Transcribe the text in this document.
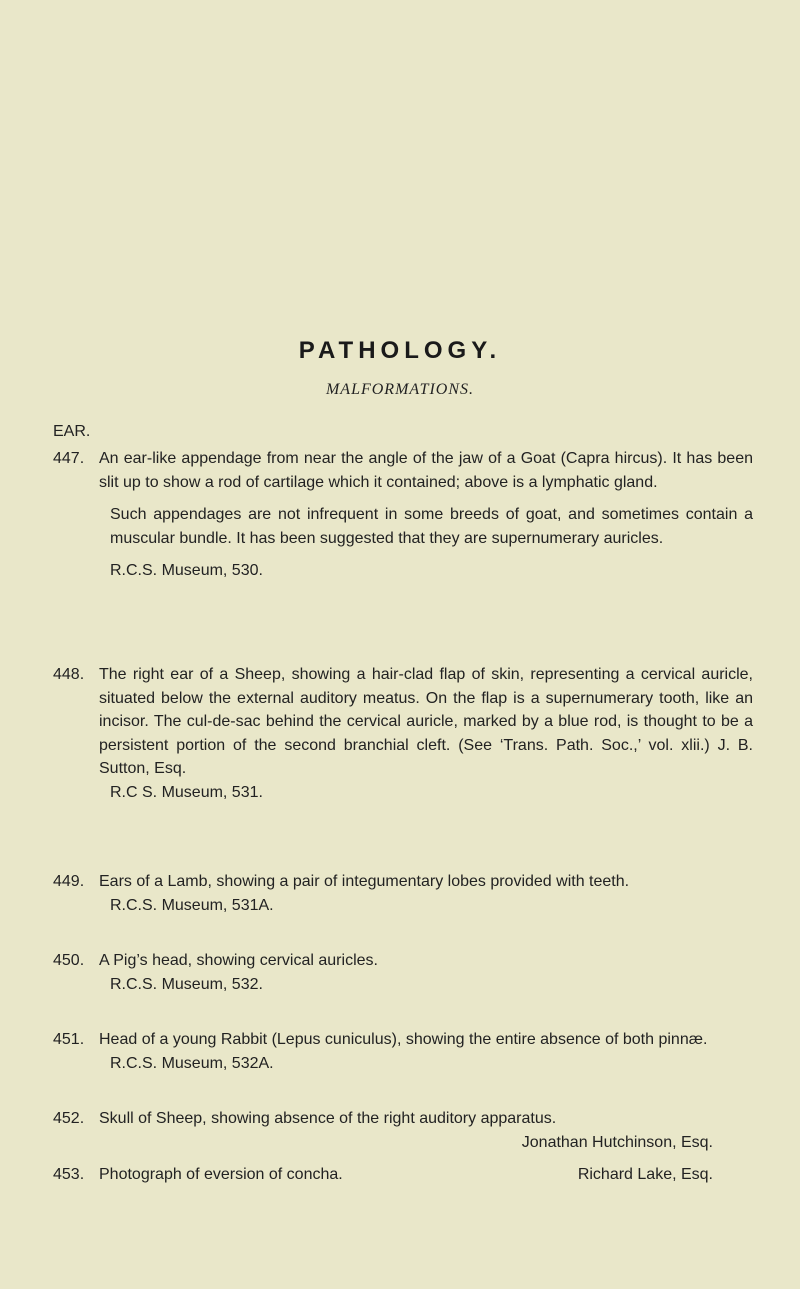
PATHOLOGY.
MALFORMATIONS.
EAR.
447. An ear-like appendage from near the angle of the jaw of a Goat (Capra hircus). It has been slit up to show a rod of cartilage which it contained; above is a lymphatic gland.

Such appendages are not infrequent in some breeds of goat, and sometimes contain a muscular bundle. It has been suggested that they are supernumerary auricles.

R.C.S. Museum, 530.

448. The right ear of a Sheep, showing a hair-clad flap of skin, representing a cervical auricle, situated below the external auditory meatus. On the flap is a supernumerary tooth, like an incisor. The cul-de-sac behind the cervical auricle, marked by a blue rod, is thought to be a persistent portion of the second branchial cleft. (See ‘Trans. Path. Soc.,’ vol. xlii.) J. B. Sutton, Esq.

R.C S. Museum, 531.

449. Ears of a Lamb, showing a pair of integumentary lobes provided with teeth.

R.C.S. Museum, 531A.

450. A Pig’s head, showing cervical auricles.

R.C.S. Museum, 532.

451. Head of a young Rabbit (Lepus cuniculus), showing the entire absence of both pinnæ.

R.C.S. Museum, 532A.

452. Skull of Sheep, showing absence of the right auditory apparatus.

Jonathan Hutchinson, Esq.

453. Photograph of eversion of concha.	Richard Lake, Esq.
